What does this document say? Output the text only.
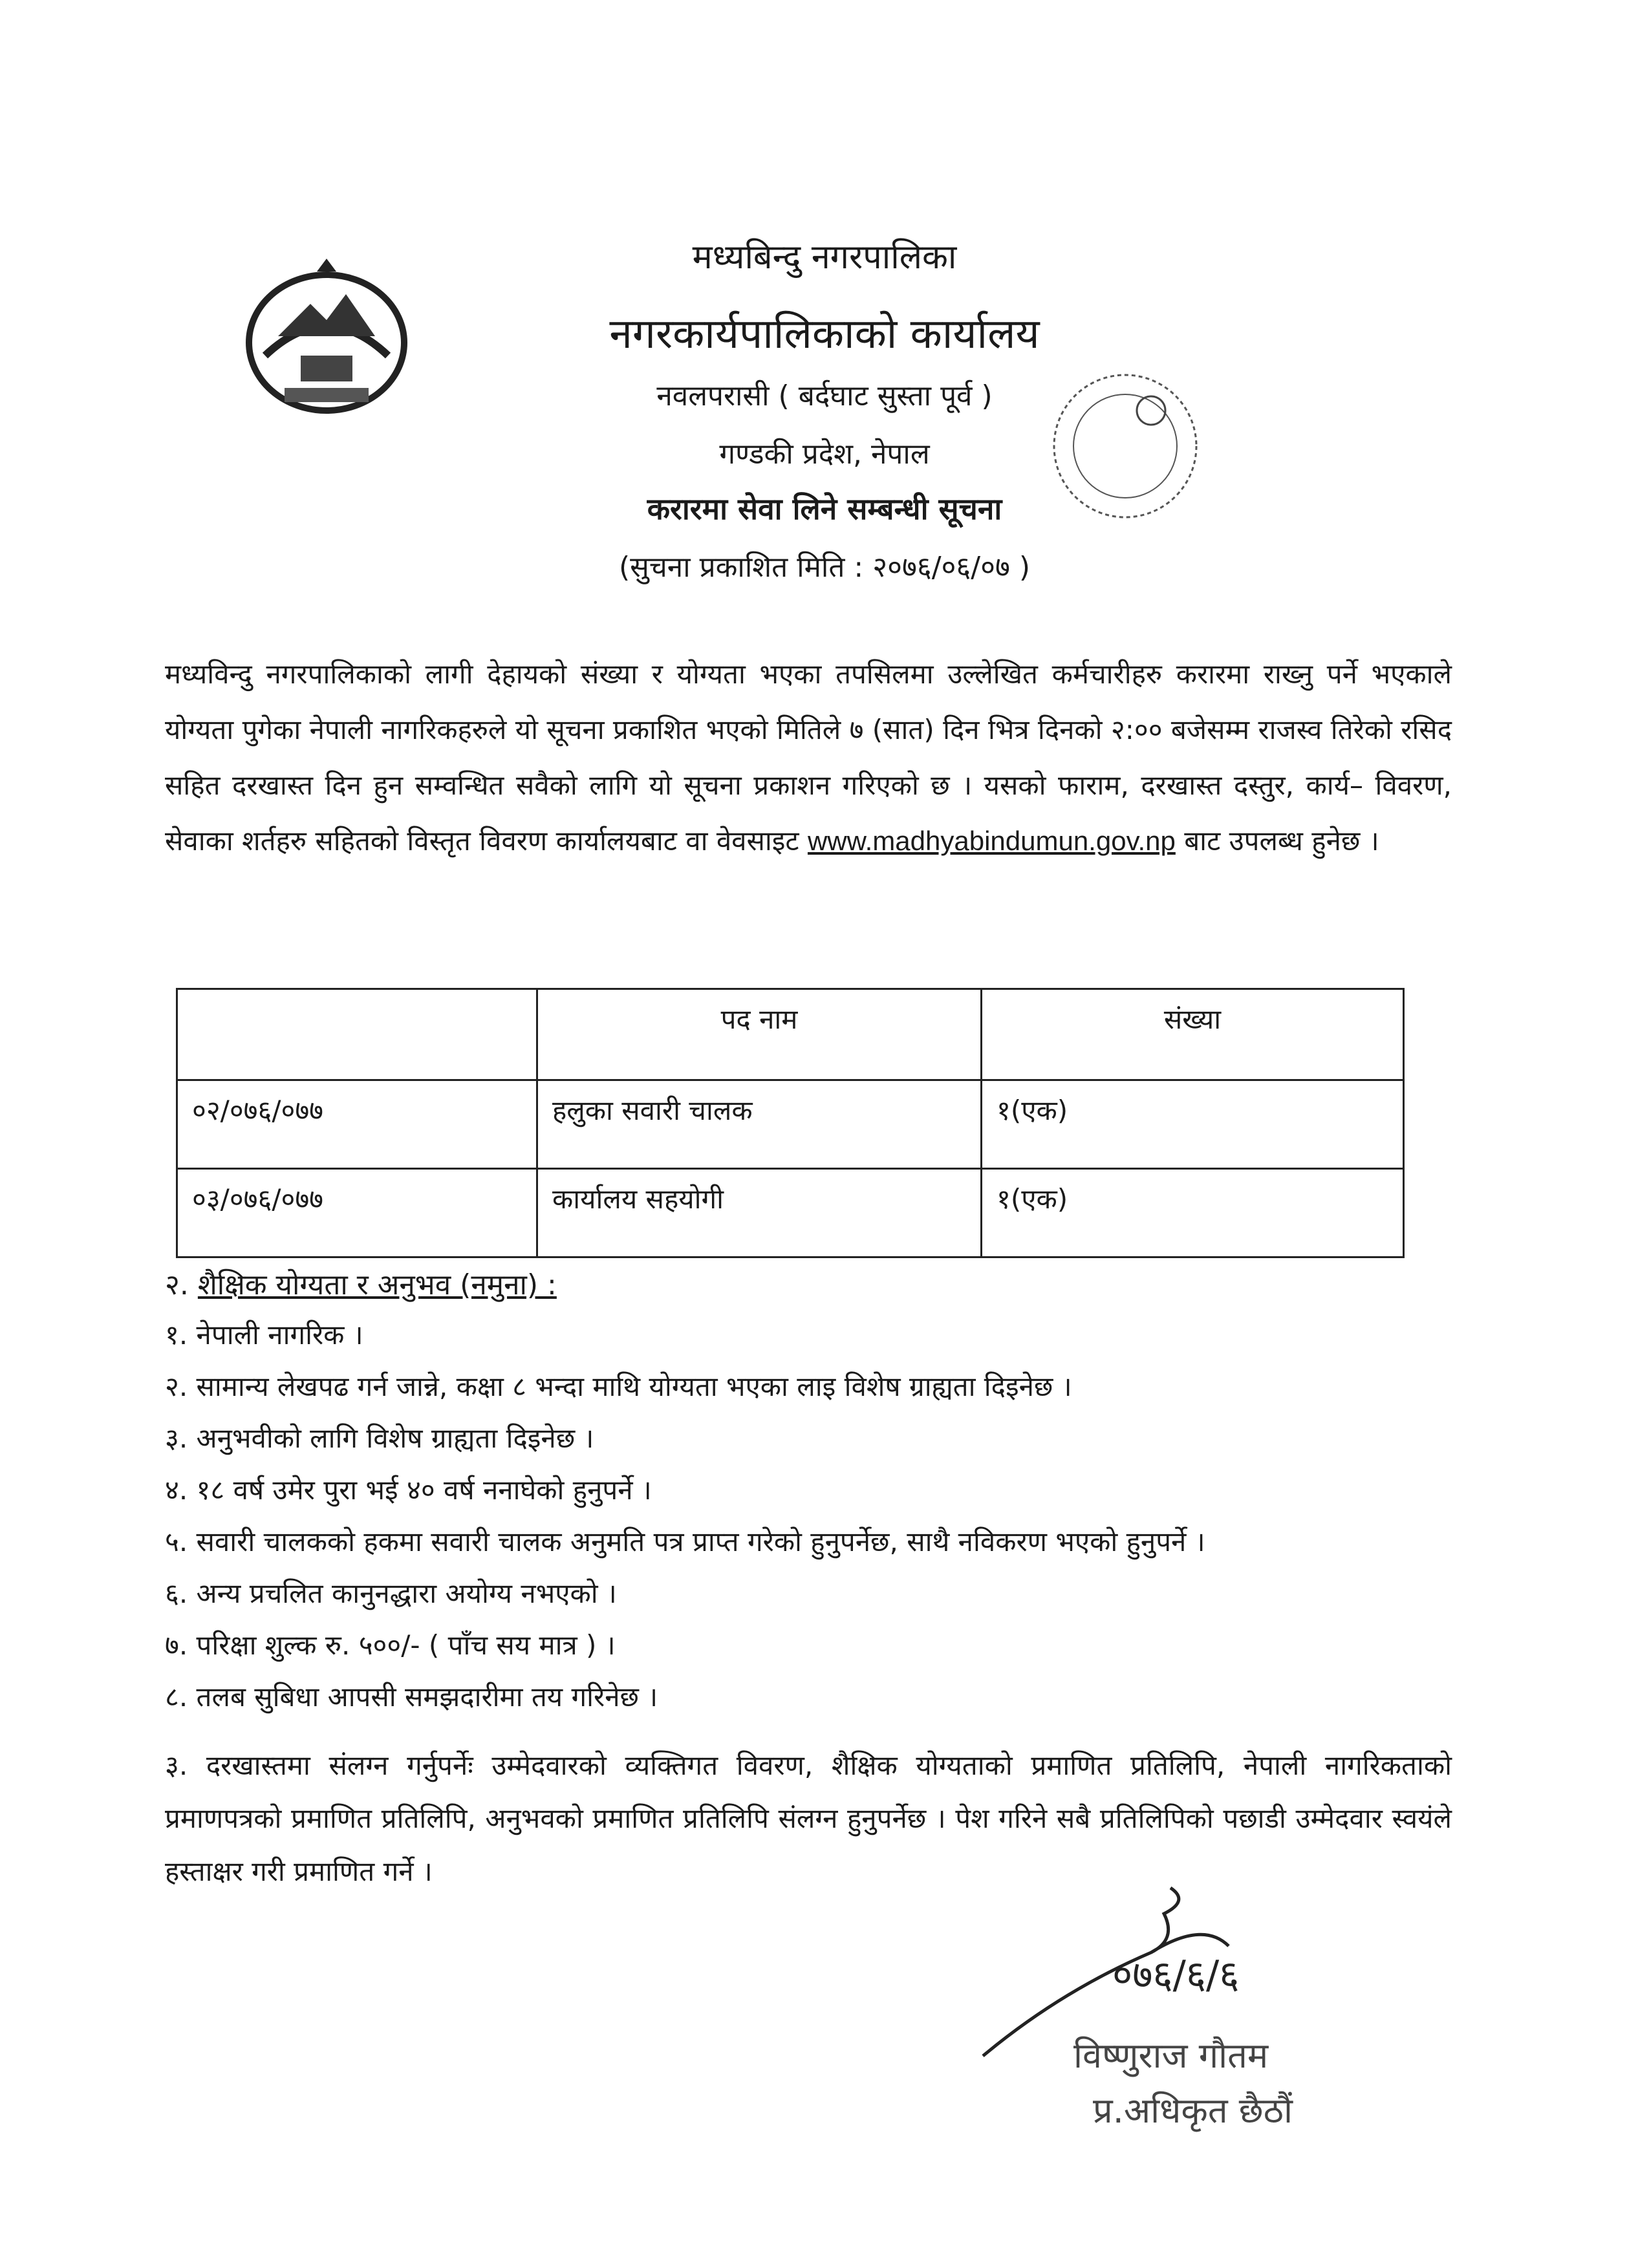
मध्यबिन्दु नगरपालिका
नगरकार्यपालिकाको कार्यालय
नवलपरासी ( बर्दघाट सुस्ता पूर्व )
गण्डकी प्रदेश, नेपाल
करारमा सेवा लिने सम्बन्धी सूचना
(सुचना प्रकाशित मिति : २०७६/०६/०७ )
मध्यविन्दु नगरपालिकाको लागी देहायको संख्या र योग्यता भएका तपसिलमा उल्लेखित कर्मचारीहरु करारमा राख्नु पर्ने भएकाले योग्यता पुगेका नेपाली नागरिकहरुले यो सूचना प्रकाशित भएको मितिले ७ (सात) दिन भित्र दिनको २:०० बजेसम्म राजस्व तिरेको रसिद सहित दरखास्त दिन हुन सम्वन्धित सवैको लागि यो सूचना प्रकाशन गरिएको छ । यसको फाराम, दरखास्त दस्तुर, कार्य– विवरण, सेवाका शर्तहरु सहितको विस्तृत विवरण कार्यालयबाट वा वेवसाइट www.madhyabindumun.gov.np बाट उपलब्ध हुनेछ ।
	पद नाम	संख्या
०२/०७६/०७७	हलुका सवारी चालक	१(एक)
०३/०७६/०७७	कार्यालय सहयोगी	१(एक)
२. शैक्षिक योग्यता र अनुभव (नमुना) :
१. नेपाली नागरिक ।
२. सामान्य लेखपढ गर्न जान्ने, कक्षा ८ भन्दा माथि योग्यता भएका लाइ विशेष ग्राह्यता दिइनेछ ।
३. अनुभवीको लागि विशेष ग्राह्यता दिइनेछ ।
४. १८ वर्ष उमेर पुरा भई ४० वर्ष ननाघेको हुनुपर्ने ।
५. सवारी चालकको हकमा सवारी चालक अनुमति पत्र प्राप्त गरेको हुनुपर्नेछ, साथै नविकरण भएको हुनुपर्ने ।
६. अन्य प्रचलित कानुनद्धारा अयोग्य नभएको ।
७. परिक्षा शुल्क रु. ५००/- ( पाँच सय मात्र ) ।
८. तलब सुबिधा आपसी समझदारीमा तय गरिनेछ ।
३. दरखास्तमा संलग्न गर्नुपर्नेः उम्मेदवारको व्यक्तिगत विवरण, शैक्षिक योग्यताको प्रमाणित प्रतिलिपि, नेपाली नागरिकताको प्रमाणपत्रको प्रमाणित प्रतिलिपि, अनुभवको प्रमाणित प्रतिलिपि संलग्न हुनुपर्नेछ । पेश गरिने सबै प्रतिलिपिको पछाडी उम्मेदवार स्वयंले हस्ताक्षर गरी प्रमाणित गर्ने ।
०७६/६/६
विष्णुराज गौतम
प्र.अधिकृत छैठौं
